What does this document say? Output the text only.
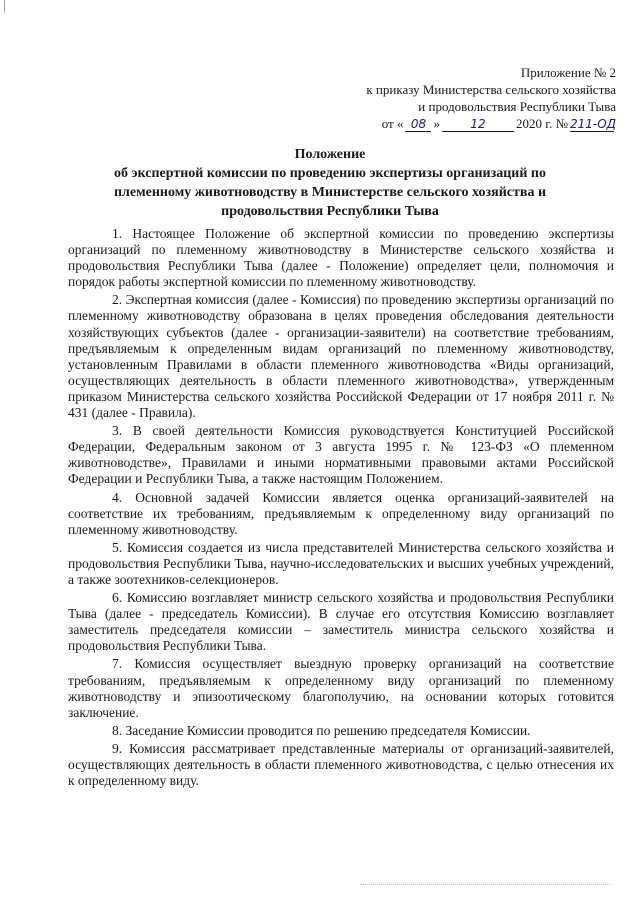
Приложение № 2
к приказу Министерства сельского хозяйства
и продовольствия Республики Тыва
от « 08 »	12	2020 г. № 211-ОД
Положение
об экспертной комиссии по проведению экспертизы организаций по
племенному животноводству в Министерстве сельского хозяйства и
продовольствия Республики Тыва

1. Настоящее Положение об экспертной комиссии по проведению экспертизы организаций по племенному животноводству в Министерстве сельского хозяйства и продовольствия Республики Тыва (далее - Положение) определяет цели, полномочия и порядок работы экспертной комиссии по племенному животноводству.

2. Экспертная комиссия (далее - Комиссия) по проведению экспертизы организаций по племенному животноводству образована в целях проведения обследования деятельности хозяйствующих субъектов (далее - организации-заявители) на соответствие требованиям, предъявляемым к определенным видам организаций по племенному животноводству, установленным Правилами в области племенного животноводства «Виды организаций, осуществляющих деятельность в области племенного животноводства», утвержденным приказом Министерства сельского хозяйства Российской Федерации от 17 ноября 2011 г. № 431 (далее - Правила).

3. В своей деятельности Комиссия руководствуется Конституцией Российской Федерации, Федеральным законом от 3 августа 1995 г. № 123-ФЗ «О племенном животноводстве», Правилами и иными нормативными правовыми актами Российской Федерации и Республики Тыва, а также настоящим Положением.

4. Основной задачей Комиссии является оценка организаций-заявителей на соответствие их требованиям, предъявляемым к определенному виду организаций по племенному животноводству.

5. Комиссия создается из числа представителей Министерства сельского хозяйства и продовольствия Республики Тыва, научно-исследовательских и высших учебных учреждений, а также зоотехников-селекционеров.

6. Комиссию возглавляет министр сельского хозяйства и продовольствия Республики Тыва (далее - председатель Комиссии). В случае его отсутствия Комиссию возглавляет заместитель председателя комиссии – заместитель министра сельского хозяйства и продовольствия Республики Тыва.

7. Комиссия осуществляет выездную проверку организаций на соответствие требованиям, предъявляемым к определенному виду организаций по племенному животноводству и эпизоотическому благополучию, на основании которых готовится заключение.

8. Заседание Комиссии проводится по решению председателя Комиссии.

9. Комиссия рассматривает представленные материалы от организаций-заявителей, осуществляющих деятельность в области племенного животноводства, с целью отнесения их к определенному виду.
